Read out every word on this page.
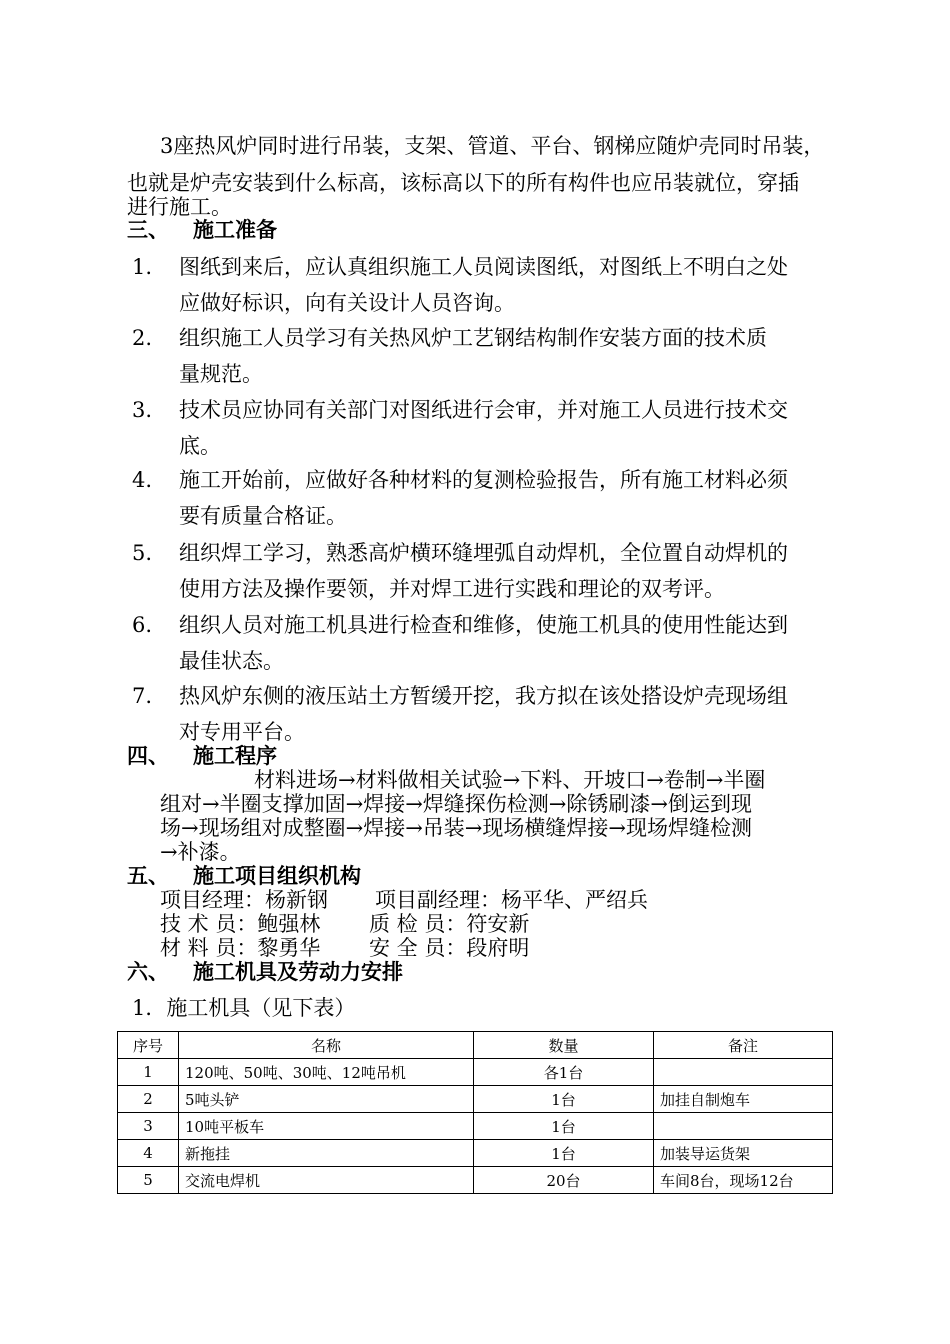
3座热风炉同时进行吊装，支架、管道、平台、钢梯应随炉壳同时吊装，
也就是炉壳安装到什么标高，该标高以下的所有构件也应吊装就位，穿插
进行施工。
三、 施工准备
1.	图纸到来后，应认真组织施工人员阅读图纸，对图纸上不明白之处
应做好标识，向有关设计人员咨询。
2.	组织施工人员学习有关热风炉工艺钢结构制作安装方面的技术质
量规范。
3.	技术员应协同有关部门对图纸进行会审，并对施工人员进行技术交
底。
4.	施工开始前，应做好各种材料的复测检验报告，所有施工材料必须
要有质量合格证。
5.	组织焊工学习，熟悉高炉横环缝埋弧自动焊机，全位置自动焊机的
使用方法及操作要领，并对焊工进行实践和理论的双考评。
6.	组织人员对施工机具进行检查和维修，使施工机具的使用性能达到
最佳状态。
7.	热风炉东侧的液压站土方暂缓开挖，我方拟在该处搭设炉壳现场组
对专用平台。
四、 施工程序
材料进场→材料做相关试验→下料、开坡口→卷制→半圈
组对→半圈支撑加固→焊接→焊缝探伤检测→除锈刷漆→倒运到现
场→现场组对成整圈→焊接→吊装→现场横缝焊接→现场焊缝检测
→补漆。
五、 施工项目组织机构
项目经理：杨新钢 项目副经理：杨平华、严绍兵
技 术 员：鲍强林 质 检 员：符安新
材 料 员：黎勇华 安 全 员：段府明
六、 施工机具及劳动力安排
1．施工机具（见下表）
序号	名称	数量	备注
1	120吨、50吨、30吨、12吨吊机	各1台	
2	5吨头铲	1台	加挂自制炮车
3	10吨平板车	1台	
4	新拖挂	1台	加装导运货架
5	交流电焊机	20台	车间8台，现场12台
